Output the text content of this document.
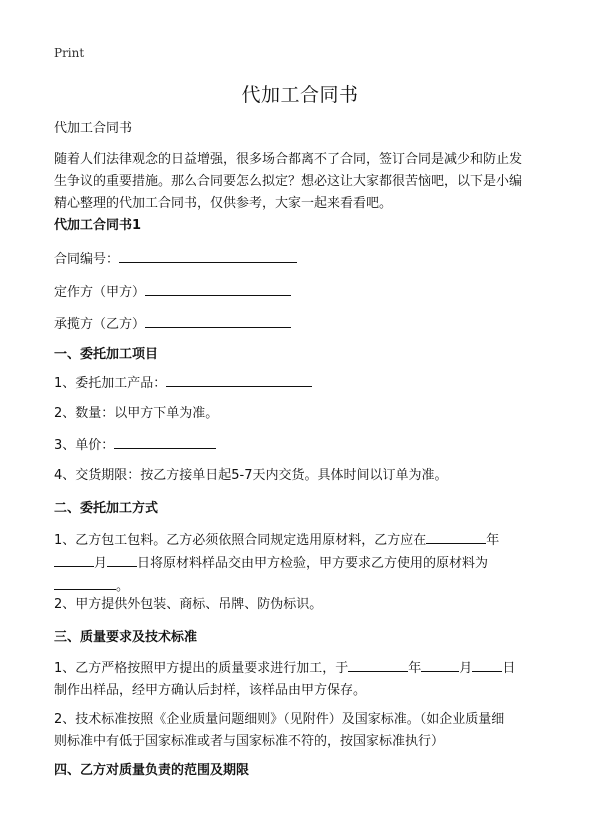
Print
代加工合同书
代加工合同书
随着人们法律观念的日益增强，很多场合都离不了合同，签订合同是减少和防止发
生争议的重要措施。那么合同要怎么拟定？想必这让大家都很苦恼吧，以下是小编
精心整理的代加工合同书，仅供参考，大家一起来看看吧。
代加工合同书1
合同编号：
定作方（甲方）
承揽方（乙方）
一、委托加工项目
1、委托加工产品：
2、数量：以甲方下单为准。
3、单价：
4、交货期限：按乙方接单日起5-7天内交货。具体时间以订单为准。
二、委托加工方式
1、乙方包工包料。乙方必须依照合同规定选用原材料，乙方应在	年
月 日将原材料样品交由甲方检验，甲方要求乙方使用的原材料为
。
2、甲方提供外包装、商标、吊牌、防伪标识。
三、质量要求及技术标准
1、乙方严格按照甲方提出的质量要求进行加工，于	年	月 日
制作出样品，经甲方确认后封样，该样品由甲方保存。
2、技术标准按照《企业质量问题细则》（见附件）及国家标准。（如企业质量细
则标准中有低于国家标准或者与国家标准不符的，按国家标准执行）
四、乙方对质量负责的范围及期限
